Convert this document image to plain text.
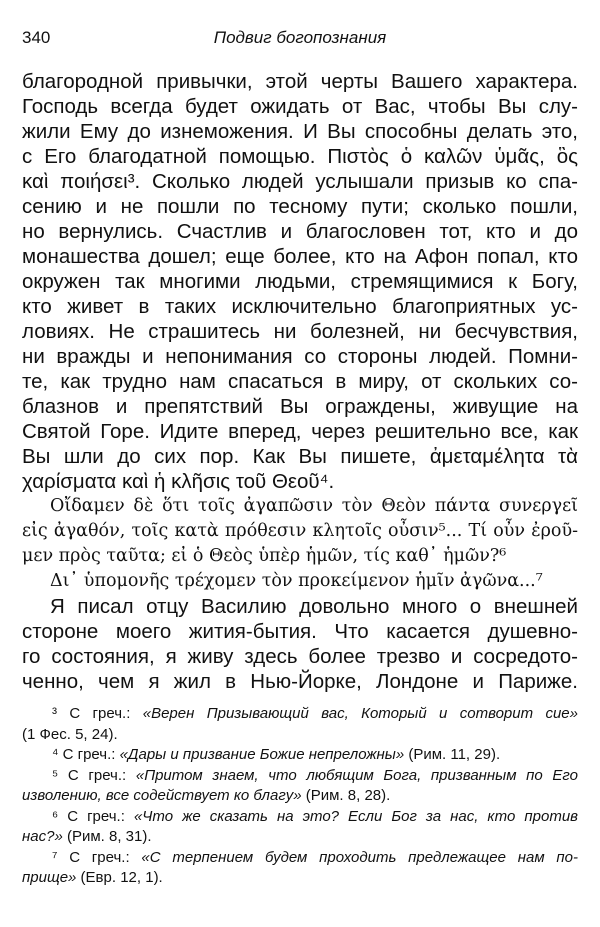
340	Подвиг богопознания
благородной привычки, этой черты Вашего характера.
Господь всегда будет ожидать от Вас, чтобы Вы слу-
жили Ему до изнеможения. И Вы способны делать это,
с Его благодатной помощью. Πιστὸς ὁ καλῶν ὑμᾶς, ὃς
καὶ ποιήσει³. Сколько людей услышали призыв ко спа-
сению и не пошли по тесному пути; сколько пошли,
но вернулись. Счастлив и благословен тот, кто и до
монашества дошел; еще более, кто на Афон попал, кто
окружен так многими людьми, стремящимися к Богу,
кто живет в таких исключительно благоприятных ус-
ловиях. Не страшитесь ни болезней, ни бесчувствия,
ни вражды и непонимания со стороны людей. Помни-
те, как трудно нам спасаться в миру, от скольких со-
блазнов и препятствий Вы ограждены, живущие на
Святой Горе. Идите вперед, через решительно все, как
Вы шли до сих пор. Как Вы пишете, ἀμεταμέλητα τὰ
χαρίσματα καὶ ἡ κλῆσις τοῦ Θεοῦ⁴.
Οἴδαμεν δὲ ὅτι τοῖς ἀγαπῶσιν τὸν Θεὸν πάντα συνεργεῖ
εἰς ἀγαθόν, τοῖς κατὰ πρόθεσιν κλητοῖς οὖσιν⁵... Τί οὖν ἐροῦ-
μεν πρὸς ταῦτα; εἰ ὁ Θεὸς ὑπὲρ ἡμῶν, τίς καθ᾿ ἡμῶν?⁶
Δι᾿ ὑπομονῆς τρέχομεν τὸν προκείμενον ἡμῖν ἀγῶνα...⁷
Я писал отцу Василию довольно много о внешней
стороне моего жития-бытия. Что касается душевно-
го состояния, я живу здесь более трезво и сосредото-
ченно, чем я жил в Нью-Йорке, Лондоне и Париже.
³ С греч.: «Верен Призывающий вас, Который и сотворит сие»
(1 Фес. 5, 24).
⁴ С греч.: «Дары и призвание Божие непреложны» (Рим. 11, 29).
⁵ С греч.: «Притом знаем, что любящим Бога, призванным по Его
изволению, все содействует ко благу» (Рим. 8, 28).
⁶ С греч.: «Что же сказать на это? Если Бог за нас, кто против
нас?» (Рим. 8, 31).
⁷ С греч.: «С терпением будем проходить предлежащее нам по-
прище» (Евр. 12, 1).
